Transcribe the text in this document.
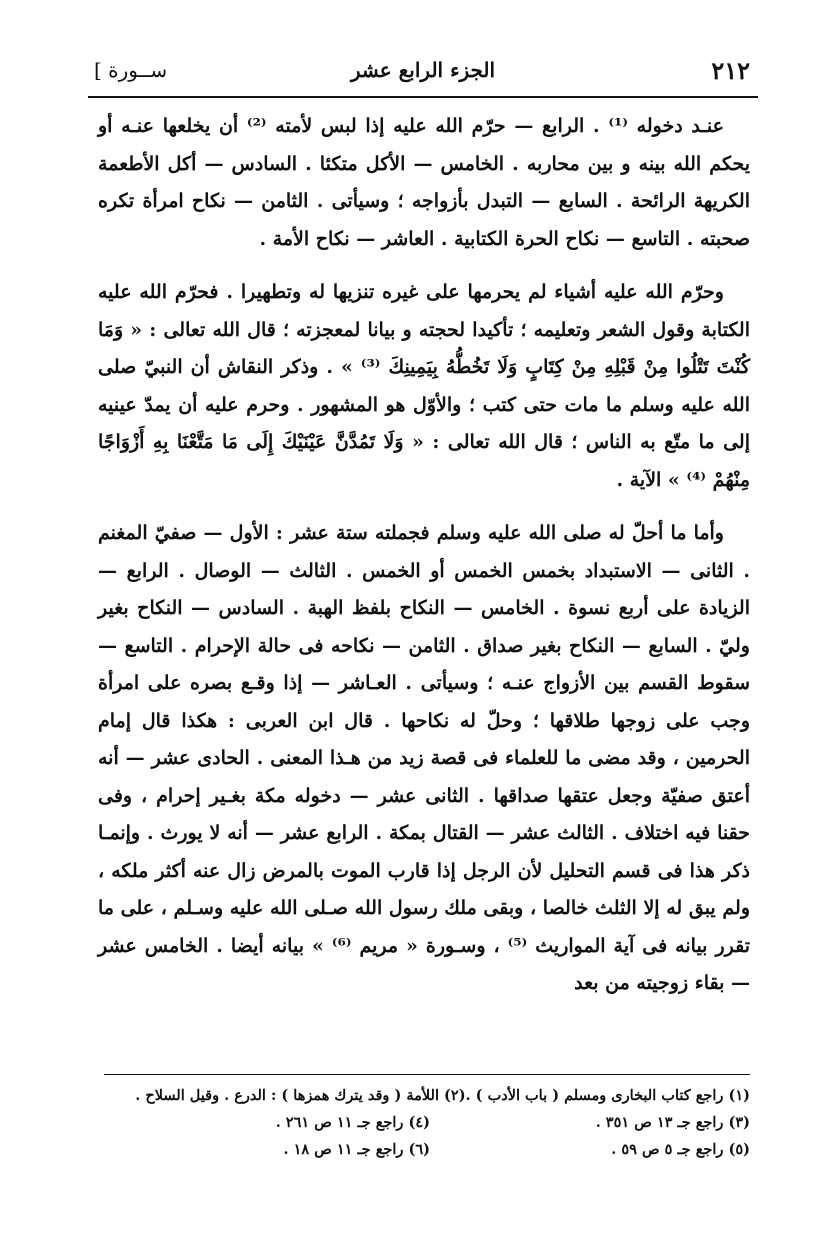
٢١٢
الجزء الرابع عشر
[ ســورة

عنـد دخوله ⁽¹⁾ . الرابع — حرّم الله عليه إذا لبس لأمته ⁽²⁾ أن يخلعها عنـه أو يحكم الله بينه و بين محاربه . الخامس — الأكل متكئا . السادس — أكل الأطعمة الكريهة الرائحة . السابع — التبدل بأزواجه ؛ وسيأتى . الثامن — نكاح امرأة تكره صحبته . التاسع — نكاح الحرة الكتابية . العاشر — نكاح الأمة .

وحرّم الله عليه أشياء لم يحرمها على غيره تنزيها له وتطهيرا . فحرّم الله عليه الكتابة وقول الشعر وتعليمه ؛ تأكيدا لحجته و بيانا لمعجزته ؛ قال الله تعالى : « وَمَا كُنْتَ تَتْلُوا مِنْ قَبْلِهِ مِنْ كِتَابٍ وَلَا تَخُطُّهُ بِيَمِينِكَ ⁽³⁾ » . وذكر النقاش أن النبيّ صلى الله عليه وسلم ما مات حتى كتب ؛ والأوّل هو المشهور . وحرم عليه أن يمدّ عينيه إلى ما متّع به الناس ؛ قال الله تعالى : « وَلَا تَمُدَّنَّ عَيْنَيْكَ إِلَى مَا مَتَّعْنَا بِهِ أَزْوَاجًا مِنْهُمْ ⁽⁴⁾ » الآية .

وأما ما أحلّ له صلى الله عليه وسلم فجملته ستة عشر : الأول — صفيّ المغنم . الثانى — الاستبداد بخمس الخمس أو الخمس . الثالث — الوصال . الرابع — الزيادة على أربع نسوة . الخامس — النكاح بلفظ الهبة . السادس — النكاح بغير وليّ . السابع — النكاح بغير صداق . الثامن — نكاحه فى حالة الإحرام . التاسع — سقوط القسم بين الأزواج عنـه ؛ وسيأتى . العـاشر — إذا وقـع بصره على امرأة وجب على زوجها طلاقها ؛ وحلّ له نكاحها . قال ابن العربى : هكذا قال إمام الحرمين ، وقد مضى ما للعلماء فى قصة زيد من هـذا المعنى . الحادى عشر — أنه أعتق صفيّة وجعل عتقها صداقها . الثانى عشر — دخوله مكة بغـير إحرام ، وفى حقنا فيه اختلاف . الثالث عشر — القتال بمكة . الرابع عشر — أنه لا يورث . وإنمـا ذكر هذا فى قسم التحليل لأن الرجل إذا قارب الموت بالمرض زال عنه أكثر ملكه ، ولم يبق له إلا الثلث خالصا ، وبقى ملك رسول الله صـلى الله عليه وسـلم ، على ما تقرر بيانه فى آية المواريث ⁽⁵⁾ ، وسـورة « مريم ⁽⁶⁾ » بيانه أيضا . الخامس عشر — بقاء زوجيته من بعد

(١) راجع كتاب البخارى ومسلم ( باب الأدب ) .
(٢) اللأمة ( وقد يترك همزها ) : الدرع . وقيل السلاح .
(٣) راجع جـ ١٣ ص ٣٥١ .
(٤) راجع جـ ١١ ص ٢٦١ .
(٥) راجع جـ ٥ ص ٥٩ .
(٦) راجع جـ ١١ ص ١٨ .
